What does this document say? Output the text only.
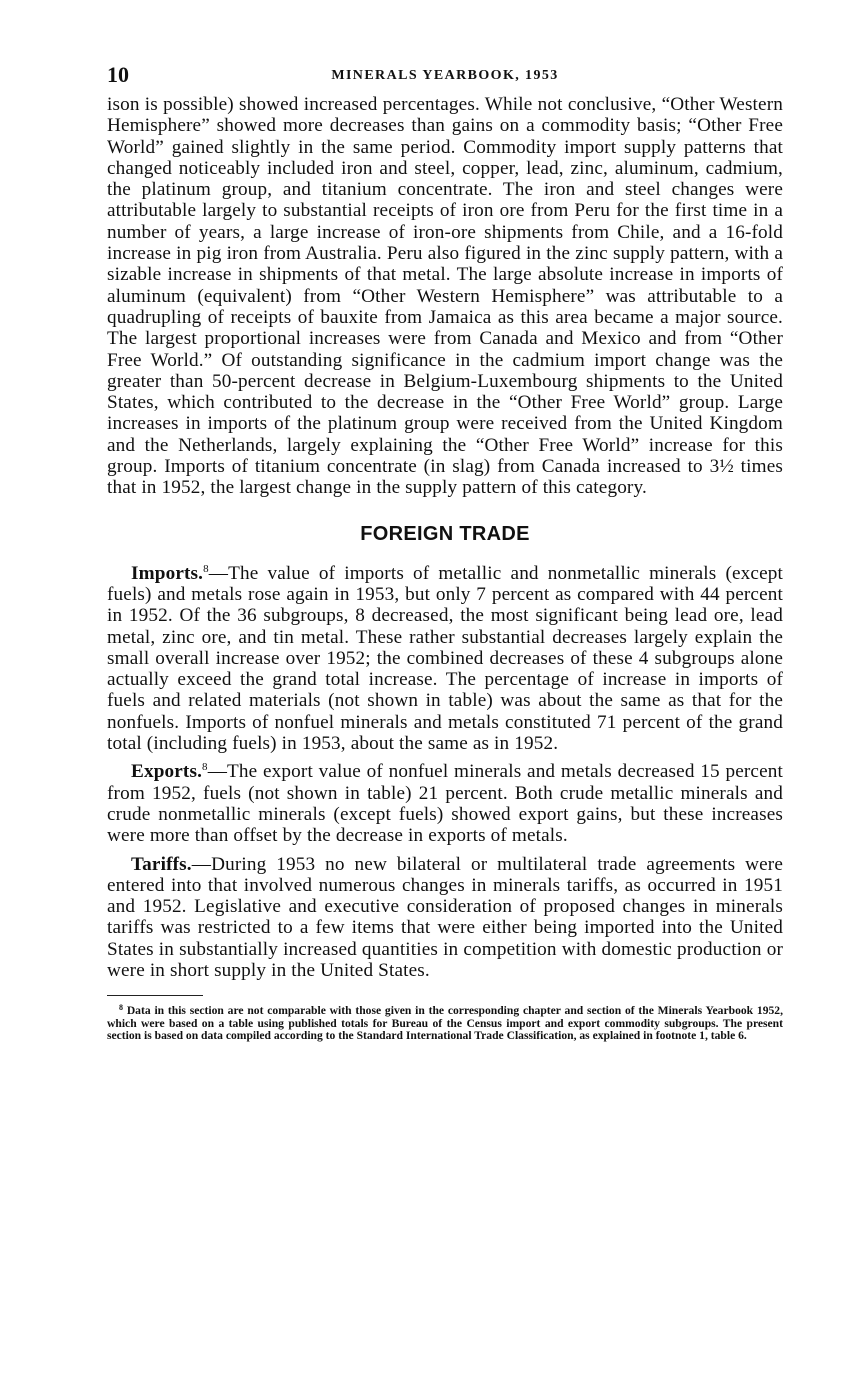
10	MINERALS YEARBOOK, 1953

ison is possible) showed increased percentages. While not conclusive, “Other Western Hemisphere” showed more decreases than gains on a commodity basis; “Other Free World” gained slightly in the same period. Commodity import supply patterns that changed noticeably included iron and steel, copper, lead, zinc, aluminum, cadmium, the platinum group, and titanium concentrate. The iron and steel changes were attributable largely to substantial receipts of iron ore from Peru for the first time in a number of years, a large increase of iron-ore shipments from Chile, and a 16-fold increase in pig iron from Australia. Peru also figured in the zinc supply pattern, with a sizable increase in shipments of that metal. The large absolute increase in imports of aluminum (equivalent) from “Other Western Hemisphere” was attributable to a quadrupling of receipts of bauxite from Jamaica as this area became a major source. The largest proportional increases were from Canada and Mexico and from “Other Free World.” Of outstanding significance in the cadmium import change was the greater than 50-percent decrease in Belgium-Luxembourg shipments to the United States, which contributed to the decrease in the “Other Free World” group. Large increases in imports of the platinum group were received from the United Kingdom and the Netherlands, largely explaining the “Other Free World” increase for this group. Imports of titanium concentrate (in slag) from Canada increased to 3½ times that in 1952, the largest change in the supply pattern of this category.

FOREIGN TRADE

Imports.$^8$—The value of imports of metallic and nonmetallic minerals (except fuels) and metals rose again in 1953, but only 7 percent as compared with 44 percent in 1952. Of the 36 subgroups, 8 decreased, the most significant being lead ore, lead metal, zinc ore, and tin metal. These rather substantial decreases largely explain the small overall increase over 1952; the combined decreases of these 4 subgroups alone actually exceed the grand total increase. The percentage of increase in imports of fuels and related materials (not shown in table) was about the same as that for the nonfuels. Imports of nonfuel minerals and metals constituted 71 percent of the grand total (including fuels) in 1953, about the same as in 1952.

Exports.$^8$—The export value of nonfuel minerals and metals decreased 15 percent from 1952, fuels (not shown in table) 21 percent. Both crude metallic minerals and crude nonmetallic minerals (except fuels) showed export gains, but these increases were more than offset by the decrease in exports of metals.

Tariffs.—During 1953 no new bilateral or multilateral trade agreements were entered into that involved numerous changes in minerals tariffs, as occurred in 1951 and 1952. Legislative and executive consideration of proposed changes in minerals tariffs was restricted to a few items that were either being imported into the United States in substantially increased quantities in competition with domestic production or were in short supply in the United States.

$^8$ Data in this section are not comparable with those given in the corresponding chapter and section of the Minerals Yearbook 1952, which were based on a table using published totals for Bureau of the Census import and export commodity subgroups. The present section is based on data compiled according to the Standard International Trade Classification, as explained in footnote 1, table 6.
